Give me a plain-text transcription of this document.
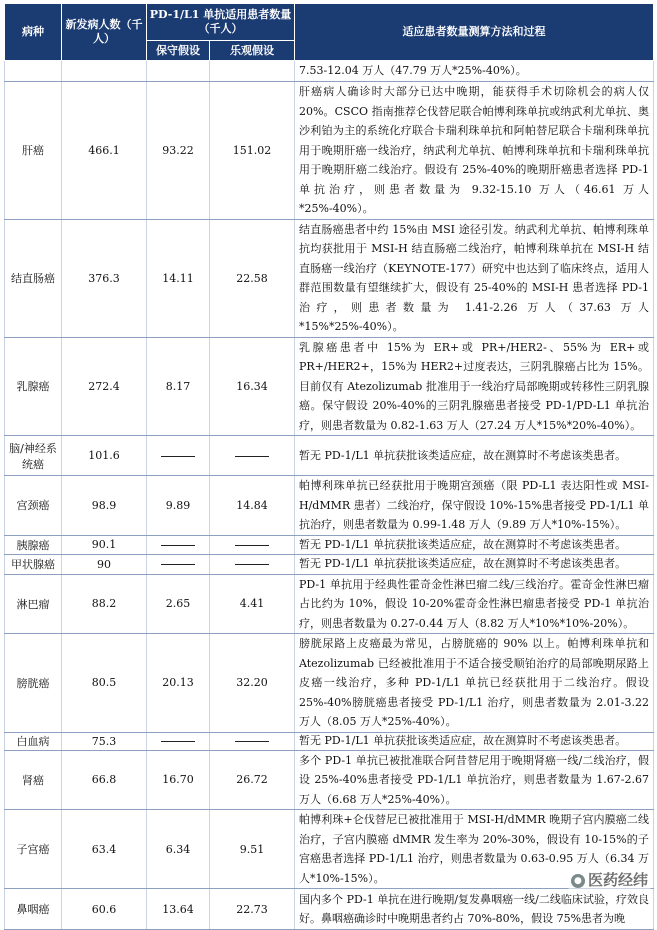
病种	新发病人数（千人）	PD-1/L1 单抗适用患者数量（千人）		适应患者数量测算方法和过程
		保守假设	乐观假设	
				7.53-12.04 万人（47.79 万人*25%-40%）。
肝癌	466.1	93.22	151.02	肝癌病人确诊时大部分已达中晚期，能获得手术切除机会的病人仅20%。CSCO 指南推荐仑伐替尼联合帕博利珠单抗或纳武利尤单抗、奥沙利铂为主的系统化疗联合卡瑞利珠单抗和阿帕替尼联合卡瑞利珠单抗用于晚期肝癌一线治疗，纳武利尤单抗、帕博利珠单抗和卡瑞利珠单抗用于晚期肝癌二线治疗。假设有 25%-40%的晚期肝癌患者选择 PD-1 单抗治疗，则患者数量为 9.32-15.10 万人（46.61 万人*25%-40%）。
结直肠癌	376.3	14.11	22.58	结直肠癌患者中约 15%由 MSI 途径引发。纳武利尤单抗、帕博利珠单抗均获批用于 MSI-H 结直肠癌二线治疗，帕博利珠单抗在 MSI-H 结直肠癌一线治疗（KEYNOTE-177）研究中也达到了临床终点，适用人群范围数量有望继续扩大，假设有 25-40%的 MSI-H 患者选择 PD-1 治疗，则患者数量为 1.41-2.26 万人（37.63 万人*15%*25%-40%）。
乳腺癌	272.4	8.17	16.34	乳腺癌患者中 15%为 ER+或 PR+/HER2-、55%为 ER+或 PR+/HER2+，15%为 HER2+过度表达，三阴乳腺癌占比为 15%。目前仅有 Atezolizumab 批准用于一线治疗局部晚期或转移性三阴乳腺癌。保守假设 20%-40%的三阴乳腺癌患者接受 PD-1/PD-L1 单抗治疗，则患者数量为 0.82-1.63 万人（27.24 万人*15%*20%-40%）。
脑/神经系统癌	101.6			暂无 PD-1/L1 单抗获批该类适应症，故在测算时不考虑该类患者。
宫颈癌	98.9	9.89	14.84	帕博利珠单抗已经获批用于晚期宫颈癌（限 PD-L1 表达阳性或 MSI-H/dMMR 患者）二线治疗，保守假设 10%-15%患者接受 PD-1/L1 单抗治疗，则患者数量为 0.99-1.48 万人（9.89 万人*10%-15%）。
胰腺癌	90.1			暂无 PD-1/L1 单抗获批该类适应症，故在测算时不考虑该类患者。
甲状腺癌	90			暂无 PD-1/L1 单抗获批该类适应症，故在测算时不考虑该类患者。
淋巴瘤	88.2	2.65	4.41	PD-1 单抗用于经典性霍奇金性淋巴瘤二线/三线治疗。霍奇金性淋巴瘤占比约为 10%，假设 10-20%霍奇金性淋巴瘤患者接受 PD-1 单抗治疗，则患者数量为 0.27-0.44 万人（8.82 万人*10%*10%-20%）。
膀胱癌	80.5	20.13	32.20	膀胱尿路上皮癌最为常见，占膀胱癌的 90% 以上。帕博利珠单抗和 Atezolizumab 已经被批准用于不适合接受顺铂治疗的局部晚期尿路上皮癌一线治疗，多种 PD-1/L1 单抗已经获批用于二线治疗。假设 25%-40%膀胱癌患者接受 PD-1/L1 治疗，则患者数量为 2.01-3.22 万人（8.05 万人*25%-40%）。
白血病	75.3			暂无 PD-1/L1 单抗获批该类适应症，故在测算时不考虑该类患者。
肾癌	66.8	16.70	26.72	多个 PD-1 单抗已被批准联合阿昔替尼用于晚期肾癌一线/二线治疗，假设 25%-40%患者接受 PD-1/L1 单抗治疗，则患者数量为 1.67-2.67 万人（6.68 万人*25%-40%）。
子宫癌	63.4	6.34	9.51	帕博利珠+仑伐替尼已被批准用于 MSI-H/dMMR 晚期子宫内膜癌二线治疗，子宫内膜癌 dMMR 发生率为 20%-30%，假设有 10-15%的子宫癌患者选择 PD-1/L1 治疗，则患者数量为 0.63-0.95 万人（6.34 万人*10%-15%）。
鼻咽癌	60.6	13.64	22.73	国内多个 PD-1 单抗在进行晚期/复发鼻咽癌一线/二线临床试验，疗效良好。鼻咽癌确诊时中晚期患者约占 70%-80%，假设 75%患者为晚
● 医药经纬
